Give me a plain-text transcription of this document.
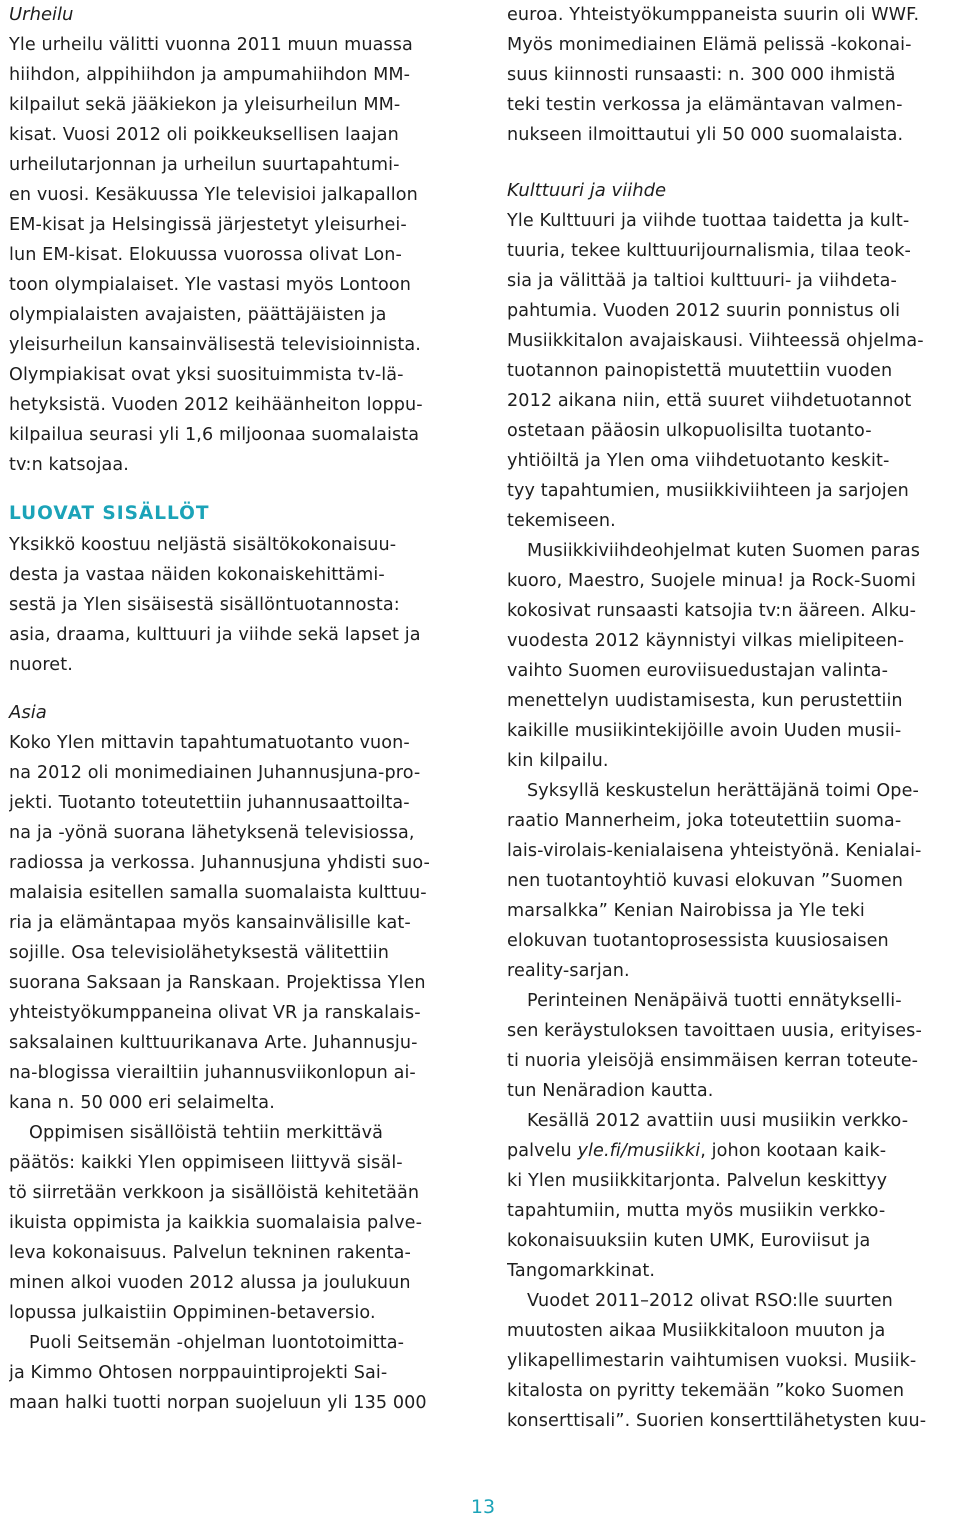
Urheilu
Yle urheilu välitti vuonna 2011 muun muassa
hiihdon, alppihiihdon ja ampumahiihdon MM-
kilpailut sekä jääkiekon ja yleisurheilun MM-
kisat. Vuosi 2012 oli poikkeuksellisen laajan
urheilutarjonnan ja urheilun suurtapahtumi-
en vuosi. Kesäkuussa Yle televisioi jalkapallon
EM-kisat ja Helsingissä järjestetyt yleisurhei-
lun EM-kisat. Elokuussa vuorossa olivat Lon-
toon olympialaiset. Yle vastasi myös Lontoon
olympialaisten avajaisten, päättäjäisten ja
yleisurheilun kansainvälisestä televisioinnista.
Olympiakisat ovat yksi suosituimmista tv-lä-
hetyksistä. Vuoden 2012 keihäänheiton loppu-
kilpailua seurasi yli 1,6 miljoonaa suomalaista
tv:n katsojaa.
LUOVAT SISÄLLÖT
Yksikkö koostuu neljästä sisältökokonaisuu-
desta ja vastaa näiden kokonaiskehittämi-
sestä ja Ylen sisäisestä sisällöntuotannosta:
asia, draama, kulttuuri ja viihde sekä lapset ja
nuoret.
Asia
Koko Ylen mittavin tapahtumatuotanto vuon-
na 2012 oli monimediainen Juhannusjuna-pro-
jekti. Tuotanto toteutettiin juhannusaattoilta-
na ja -yönä suorana lähetyksenä televisiossa,
radiossa ja verkossa. Juhannusjuna yhdisti suo-
malaisia esitellen samalla suomalaista kulttuu-
ria ja elämäntapaa myös kansainvälisille kat-
sojille. Osa televisiolähetyksestä välitettiin
suorana Saksaan ja Ranskaan. Projektissa Ylen
yhteistyökumppaneina olivat VR ja ranskalais-
saksalainen kulttuurikanava Arte. Juhannusju-
na-blogissa vierailtiin juhannusviikonlopun ai-
kana n. 50 000 eri selaimelta.
Oppimisen sisällöistä tehtiin merkittävä
päätös: kaikki Ylen oppimiseen liittyvä sisäl-
tö siirretään verkkoon ja sisällöistä kehitetään
ikuista oppimista ja kaikkia suomalaisia palve-
leva kokonaisuus. Palvelun tekninen rakenta-
minen alkoi vuoden 2012 alussa ja joulukuun
lopussa julkaistiin Oppiminen-betaversio.
Puoli Seitsemän -ohjelman luontotoimitta-
ja Kimmo Ohtosen norppauintiprojekti Sai-
maan halki tuotti norpan suojeluun yli 135 000
euroa. Yhteistyökumppaneista suurin oli WWF.
Myös monimediainen Elämä pelissä -kokonai-
suus kiinnosti runsaasti: n. 300 000 ihmistä
teki testin verkossa ja elämäntavan valmen-
nukseen ilmoittautui yli 50 000 suomalaista.
Kulttuuri ja viihde
Yle Kulttuuri ja viihde tuottaa taidetta ja kult-
tuuria, tekee kulttuurijournalismia, tilaa teok-
sia ja välittää ja taltioi kulttuuri- ja viihdeta-
pahtumia. Vuoden 2012 suurin ponnistus oli
Musiikkitalon avajaiskausi. Viihteessä ohjelma-
tuotannon painopistettä muutettiin vuoden
2012 aikana niin, että suuret viihdetuotannot
ostetaan pääosin ulkopuolisilta tuotanto-
yhtiöiltä ja Ylen oma viihdetuotanto keskit-
tyy tapahtumien, musiikkiviihteen ja sarjojen
tekemiseen.
Musiikkiviihdeohjelmat kuten Suomen paras
kuoro, Maestro, Suojele minua! ja Rock-Suomi
kokosivat runsaasti katsojia tv:n ääreen. Alku-
vuodesta 2012 käynnistyi vilkas mielipiteen-
vaihto Suomen euroviisuedustajan valinta-
menettelyn uudistamisesta, kun perustettiin
kaikille musiikintekijöille avoin Uuden musii-
kin kilpailu.
Syksyllä keskustelun herättäjänä toimi Ope-
raatio Mannerheim, joka toteutettiin suoma-
lais-virolais-kenialaisena yhteistyönä. Kenialai-
nen tuotantoyhtiö kuvasi elokuvan ”Suomen
marsalkka” Kenian Nairobissa ja Yle teki
elokuvan tuotantoprosessista kuusiosaisen
reality-sarjan.
Perinteinen Nenäpäivä tuotti ennätykselli-
sen keräystuloksen tavoittaen uusia, erityises-
ti nuoria yleisöjä ensimmäisen kerran toteute-
tun Nenäradion kautta.
Kesällä 2012 avattiin uusi musiikin verkko-
palvelu yle.fi/musiikki, johon kootaan kaik-
ki Ylen musiikkitarjonta. Palvelun keskittyy
tapahtumiin, mutta myös musiikin verkko-
kokonaisuuksiin kuten UMK, Euroviisut ja
Tangomarkkinat.
Vuodet 2011–2012 olivat RSO:lle suurten
muutosten aikaa Musiikkitaloon muuton ja
ylikapellimestarin vaihtumisen vuoksi. Musiik-
kitalosta on pyritty tekemään ”koko Suomen
konserttisali”. Suorien konserttilähetysten kuu-
13
